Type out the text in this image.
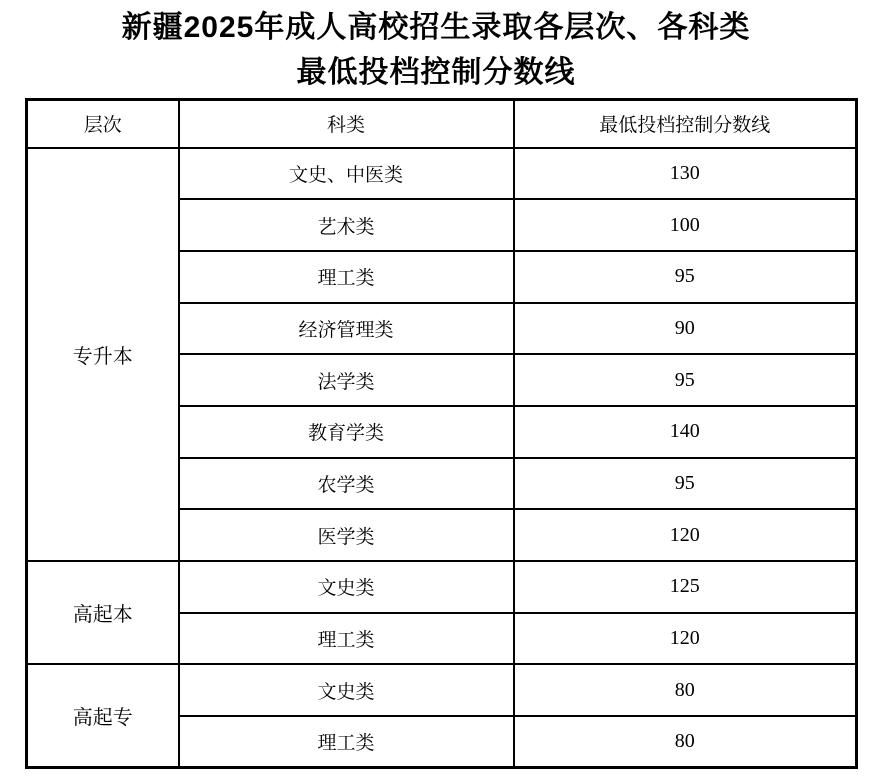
新疆2025年成人高校招生录取各层次、各科类
最低投档控制分数线
层次	科类	最低投档控制分数线
专升本	文史、中医类	130
	艺术类	100
	理工类	95
	经济管理类	90
	法学类	95
	教育学类	140
	农学类	95
	医学类	120
高起本	文史类	125
	理工类	120
高起专	文史类	80
	理工类	80
